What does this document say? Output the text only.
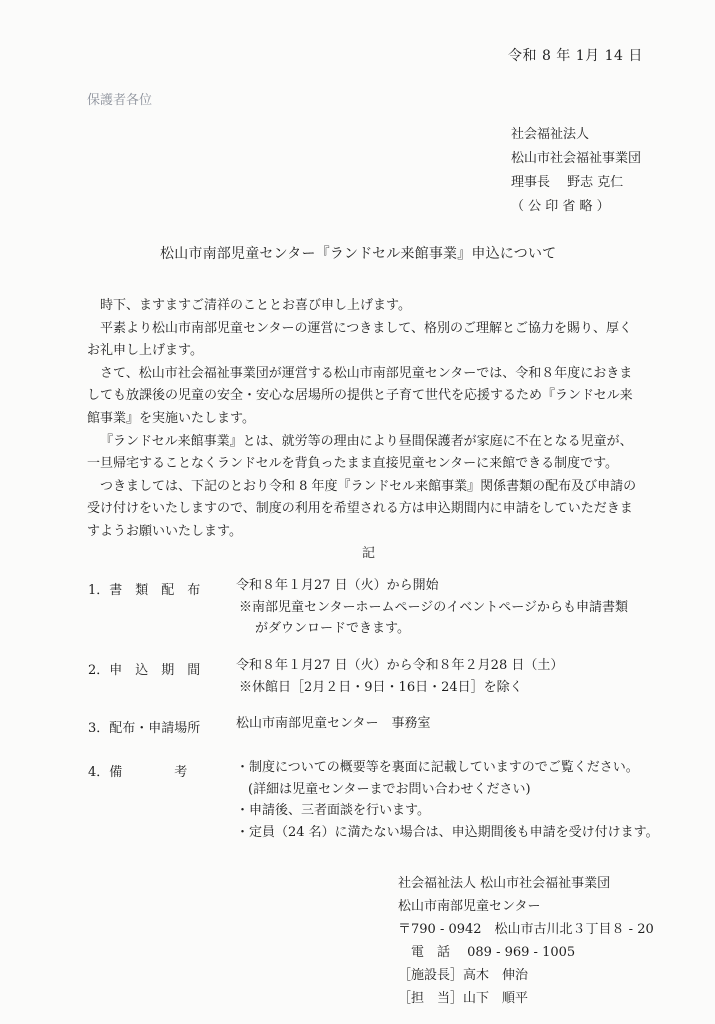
令和 8 年 1月 14 日
保護者各位
社会福祉法人
松山市社会福祉事業団
理事長　 野志 克仁
（ 公 印 省 略 ）
松山市南部児童センター『ランドセル来館事業』申込について

時下、ますますご清祥のこととお喜び申し上げます。

平素より松山市南部児童センターの運営につきまして、格別のご理解とご協力を賜り、厚くお礼申し上げます。

さて、松山市社会福祉事業団が運営する松山市南部児童センターでは、令和８年度におきましても放課後の児童の安全・安心な居場所の提供と子育て世代を応援するため『ランドセル来館事業』を実施いたします。

『ランドセル来館事業』とは、就労等の理由により昼間保護者が家庭に不在となる児童が、一旦帰宅することなくランドセルを背負ったまま直接児童センターに来館できる制度です。

つきましては、下記のとおり令和 8 年度『ランドセル来館事業』関係書類の配布及び申請の受け付けをいたしますので、制度の利用を希望される方は申込期間内に申請をしていただきますようお願いいたします。

記
1．書　類　配　布	令和８年１月27 日（火）から開始
※南部児童センターホームページのイベントページからも申請書類
がダウンロードできます。
2．申　込　期　間	令和８年１月27 日（火）から令和８年２月28 日（土）
※休館日［2月２日・9日・16日・24日］を除く
3．配布・申請場所	松山市南部児童センター　事務室
4．備　　　　考	・制度についての概要等を裏面に記載していますのでご覧ください。
(詳細は児童センターまでお問い合わせください)
・申請後、三者面談を行います。
・定員（24 名）に満たない場合は、申込期間後も申請を受け付けます。
社会福祉法人 松山市社会福祉事業団
松山市南部児童センター
〒790 - 0942　松山市古川北３丁目８ - 20
　電　話　 089 - 969 - 1005
［施設長］高木　伸治
［担　当］山下　順平
